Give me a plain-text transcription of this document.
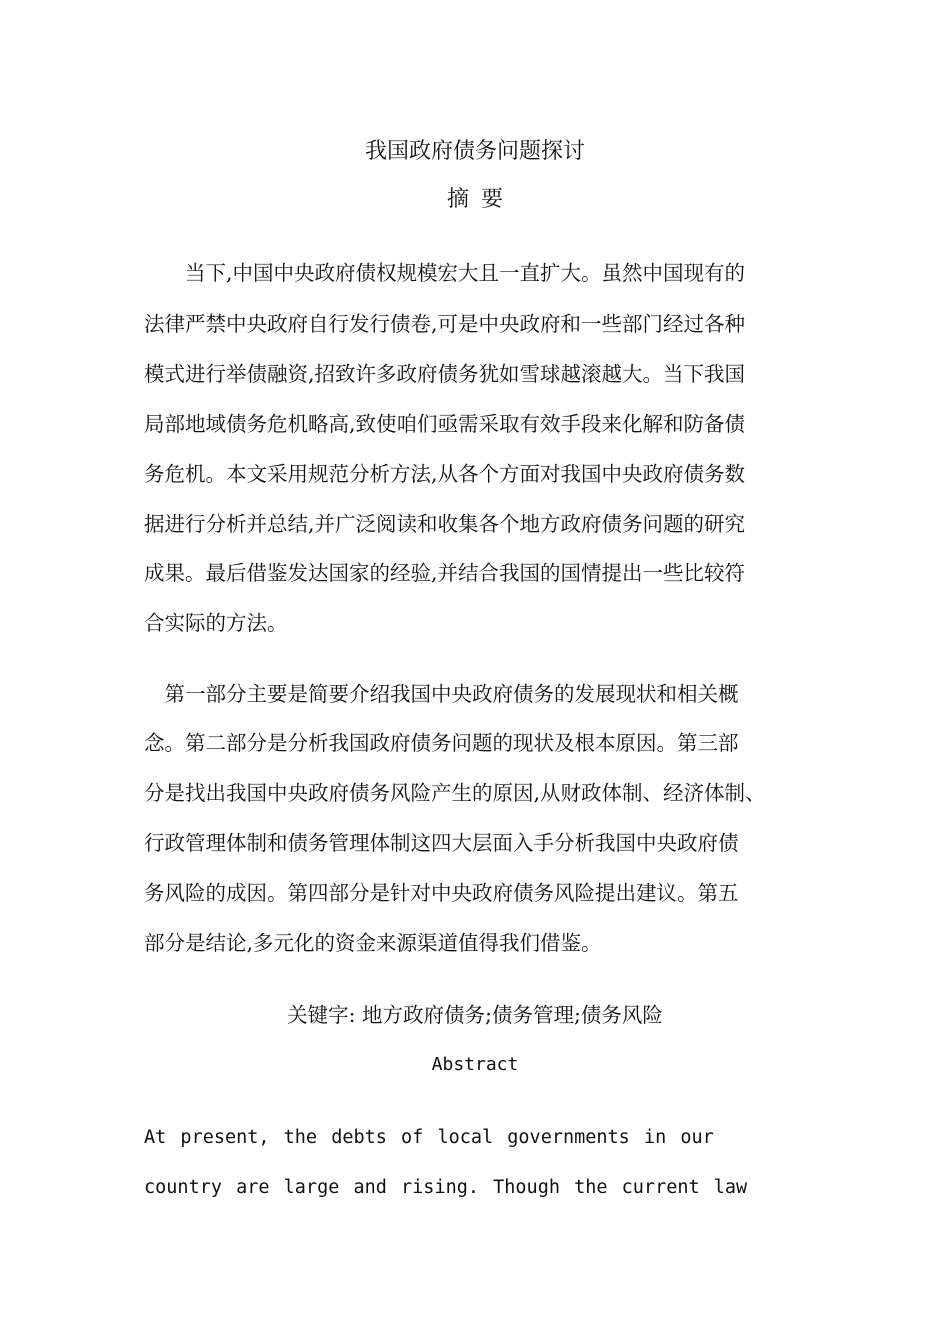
我国政府债务问题探讨
摘要
　　当下,中国中央政府债权规模宏大且一直扩大。虽然中国现有的
法律严禁中央政府自行发行债卷,可是中央政府和一些部门经过各种
模式进行举债融资,招致许多政府债务犹如雪球越滚越大。当下我国
局部地域债务危机略高,致使咱们亟需采取有效手段来化解和防备债
务危机。本文采用规范分析方法,从各个方面对我国中央政府债务数
据进行分析并总结,并广泛阅读和收集各个地方政府债务问题的研究
成果。最后借鉴发达国家的经验,并结合我国的国情提出一些比较符
合实际的方法。
　第一部分主要是简要介绍我国中央政府债务的发展现状和相关概
念。第二部分是分析我国政府债务问题的现状及根本原因。第三部
分是找出我国中央政府债务风险产生的原因,从财政体制、经济体制、
行政管理体制和债务管理体制这四大层面入手分析我国中央政府债
务风险的成因。第四部分是针对中央政府债务风险提出建议。第五
部分是结论,多元化的资金来源渠道值得我们借鉴。
关键字: 地方政府债务;债务管理;债务风险
Abstract
At present, the debts of local governments in our
country are large and rising. Though the current law
